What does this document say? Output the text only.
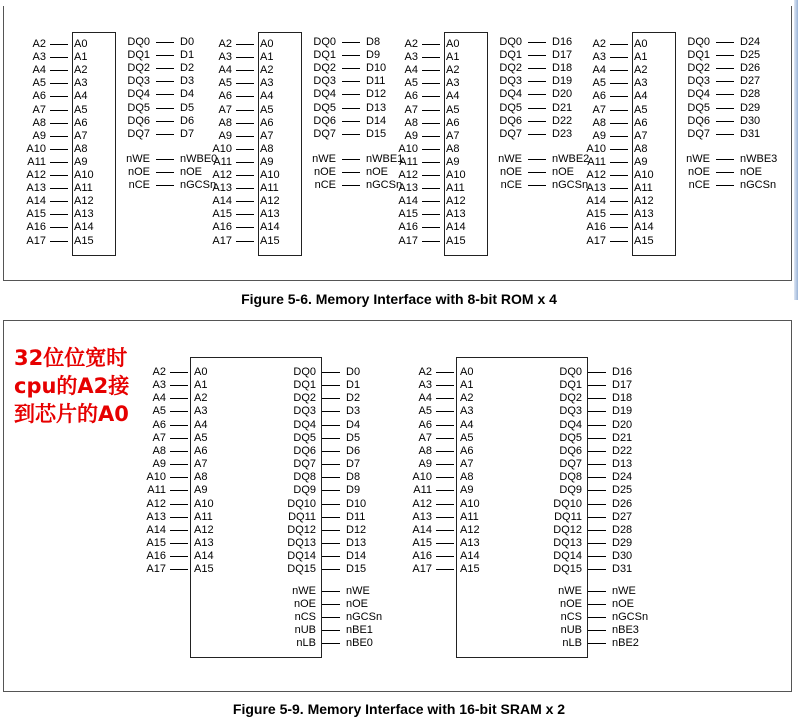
Figure 5-6. Memory Interface with 8-bit ROM x 4
32位位宽时
cpu的A2接
到芯片的A0
Figure 5-9. Memory Interface with 16-bit SRAM x 2
A2	A0
A3	A1
A4	A2
A5	A3
A6	A4
A7	A5
A8	A6
A9	A7
A10	A8
A11	A9
A12	A10
A13	A11
A14	A12
A15	A13
A16	A14
A17	A15
DQ0	D0
DQ1	D1
DQ2	D2
DQ3	D3
DQ4	D4
DQ5	D5
DQ6	D6
DQ7	D7
nWE	nWBE0
nOE	nOE
nCE	nGCSn
A2	A0
A3	A1
A4	A2
A5	A3
A6	A4
A7	A5
A8	A6
A9	A7
A10	A8
A11	A9
A12	A10
A13	A11
A14	A12
A15	A13
A16	A14
A17	A15
DQ0	D8
DQ1	D9
DQ2	D10
DQ3	D11
DQ4	D12
DQ5	D13
DQ6	D14
DQ7	D15
nWE	nWBE1
nOE	nOE
nCE	nGCSn
A2	A0
A3	A1
A4	A2
A5	A3
A6	A4
A7	A5
A8	A6
A9	A7
A10	A8
A11	A9
A12	A10
A13	A11
A14	A12
A15	A13
A16	A14
A17	A15
DQ0	D16
DQ1	D17
DQ2	D18
DQ3	D19
DQ4	D20
DQ5	D21
DQ6	D22
DQ7	D23
nWE	nWBE2
nOE	nOE
nCE	nGCSn
A2	A0
A3	A1
A4	A2
A5	A3
A6	A4
A7	A5
A8	A6
A9	A7
A10	A8
A11	A9
A12	A10
A13	A11
A14	A12
A15	A13
A16	A14
A17	A15
DQ0	D24
DQ1	D25
DQ2	D26
DQ3	D27
DQ4	D28
DQ5	D29
DQ6	D30
DQ7	D31
nWE	nWBE3
nOE	nOE
nCE	nGCSn
A2	A0
A3	A1
A4	A2
A5	A3
A6	A4
A7	A5
A8	A6
A9	A7
A10	A8
A11	A9
A12	A10
A13	A11
A14	A12
A15	A13
A16	A14
A17	A15
DQ0	D0
DQ1	D1
DQ2	D2
DQ3	D3
DQ4	D4
DQ5	D5
DQ6	D6
DQ7	D7
DQ8	D8
DQ9	D9
DQ10	D10
DQ11	D11
DQ12	D12
DQ13	D13
DQ14	D14
DQ15	D15
nWE	nWE
nOE	nOE
nCS	nGCSn
nUB	nBE1
nLB	nBE0
A2	A0
A3	A1
A4	A2
A5	A3
A6	A4
A7	A5
A8	A6
A9	A7
A10	A8
A11	A9
A12	A10
A13	A11
A14	A12
A15	A13
A16	A14
A17	A15
DQ0	D16
DQ1	D17
DQ2	D18
DQ3	D19
DQ4	D20
DQ5	D21
DQ6	D22
DQ7	D13
DQ8	D24
DQ9	D25
DQ10	D26
DQ11	D27
DQ12	D28
DQ13	D29
DQ14	D30
DQ15	D31
nWE	nWE
nOE	nOE
nCS	nGCSn
nUB	nBE3
nLB	nBE2
